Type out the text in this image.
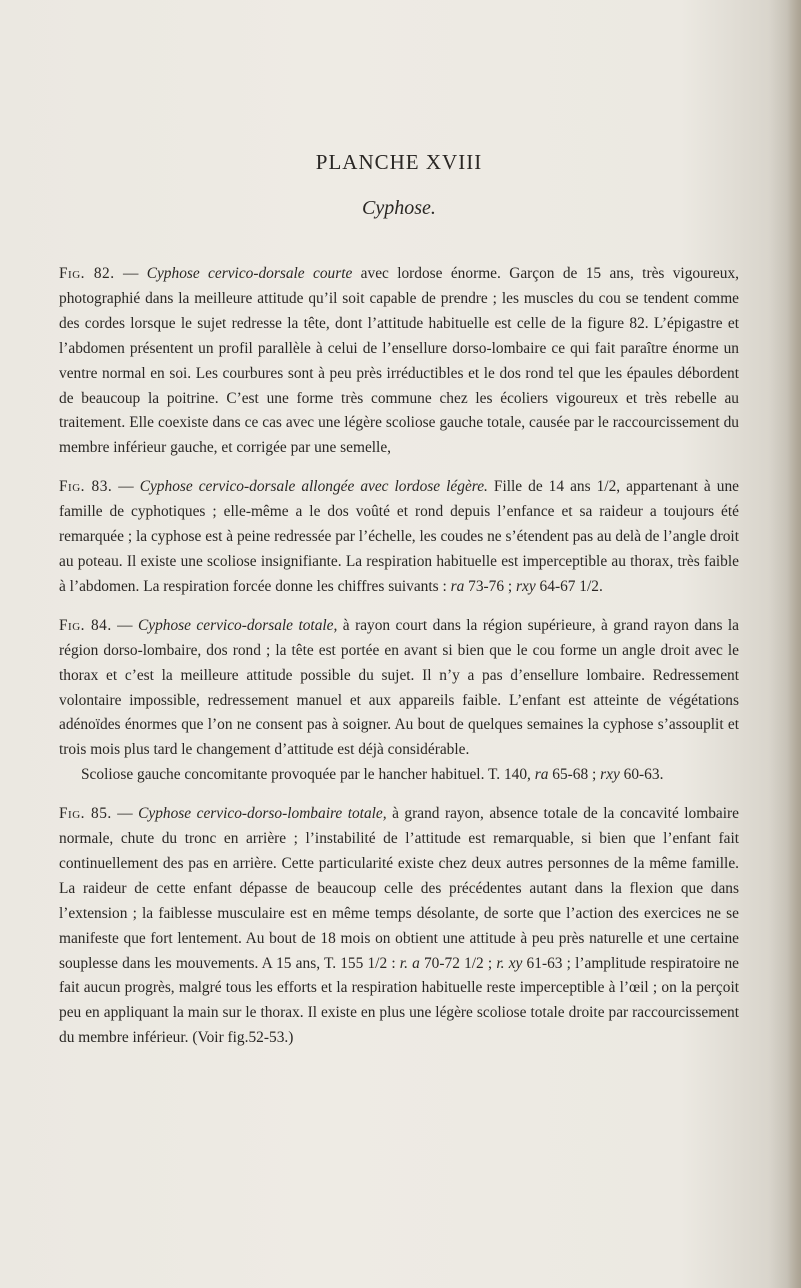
PLANCHE XVIII
Cyphose.

Fig. 82. — Cyphose cervico-dorsale courte avec lordose énorme. Garçon de 15 ans, très vigoureux, photographié dans la meilleure attitude qu’il soit capable de prendre ; les muscles du cou se tendent comme des cordes lorsque le sujet redresse la tête, dont l’attitude habituelle est celle de la figure 82. L’épigastre et l’abdomen présentent un profil parallèle à celui de l’ensellure dorso-lombaire ce qui fait paraître énorme un ventre normal en soi. Les courbures sont à peu près irréductibles et le dos rond tel que les épaules débordent de beaucoup la poitrine. C’est une forme très commune chez les écoliers vigoureux et très rebelle au traitement. Elle coexiste dans ce cas avec une légère scoliose gauche totale, causée par le raccourcissement du membre inférieur gauche, et corrigée par une semelle,

Fig. 83. — Cyphose cervico-dorsale allongée avec lordose légère. Fille de 14 ans 1/2, appartenant à une famille de cyphotiques ; elle-même a le dos voûté et rond depuis l’enfance et sa raideur a toujours été remarquée ; la cyphose est à peine redressée par l’échelle, les coudes ne s’étendent pas au delà de l’angle droit au poteau. Il existe une scoliose insignifiante. La respiration habituelle est imperceptible au thorax, très faible à l’abdomen. La respiration forcée donne les chiffres suivants : ra 73-76 ; rxy 64-67 1/2.

Fig. 84. — Cyphose cervico-dorsale totale, à rayon court dans la région supérieure, à grand rayon dans la région dorso-lombaire, dos rond ; la tête est portée en avant si bien que le cou forme un angle droit avec le thorax et c’est la meilleure attitude possible du sujet. Il n’y a pas d’ensellure lombaire. Redressement volontaire impossible, redressement manuel et aux appareils faible. L’enfant est atteinte de végétations adénoïdes énormes que l’on ne consent pas à soigner. Au bout de quelques semaines la cyphose s’assouplit et trois mois plus tard le changement d’attitude est déjà considérable.
Scoliose gauche concomitante provoquée par le hancher habituel. T. 140, ra 65-68 ; rxy 60-63.

Fig. 85. — Cyphose cervico-dorso-lombaire totale, à grand rayon, absence totale de la concavité lombaire normale, chute du tronc en arrière ; l’instabilité de l’attitude est remarquable, si bien que l’enfant fait continuellement des pas en arrière. Cette particularité existe chez deux autres personnes de la même famille. La raideur de cette enfant dépasse de beaucoup celle des précédentes autant dans la flexion que dans l’extension ; la faiblesse musculaire est en même temps désolante, de sorte que l’action des exercices ne se manifeste que fort lentement. Au bout de 18 mois on obtient une attitude à peu près naturelle et une certaine souplesse dans les mouvements. A 15 ans, T. 155 1/2 : r. a 70-72 1/2 ; r. xy 61-63 ; l’amplitude respiratoire ne fait aucun progrès, malgré tous les efforts et la respiration habituelle reste imperceptible à l’œil ; on la perçoit peu en appliquant la main sur le thorax. Il existe en plus une légère scoliose totale droite par raccourcissement du membre inférieur. (Voir fig.52-53.)
